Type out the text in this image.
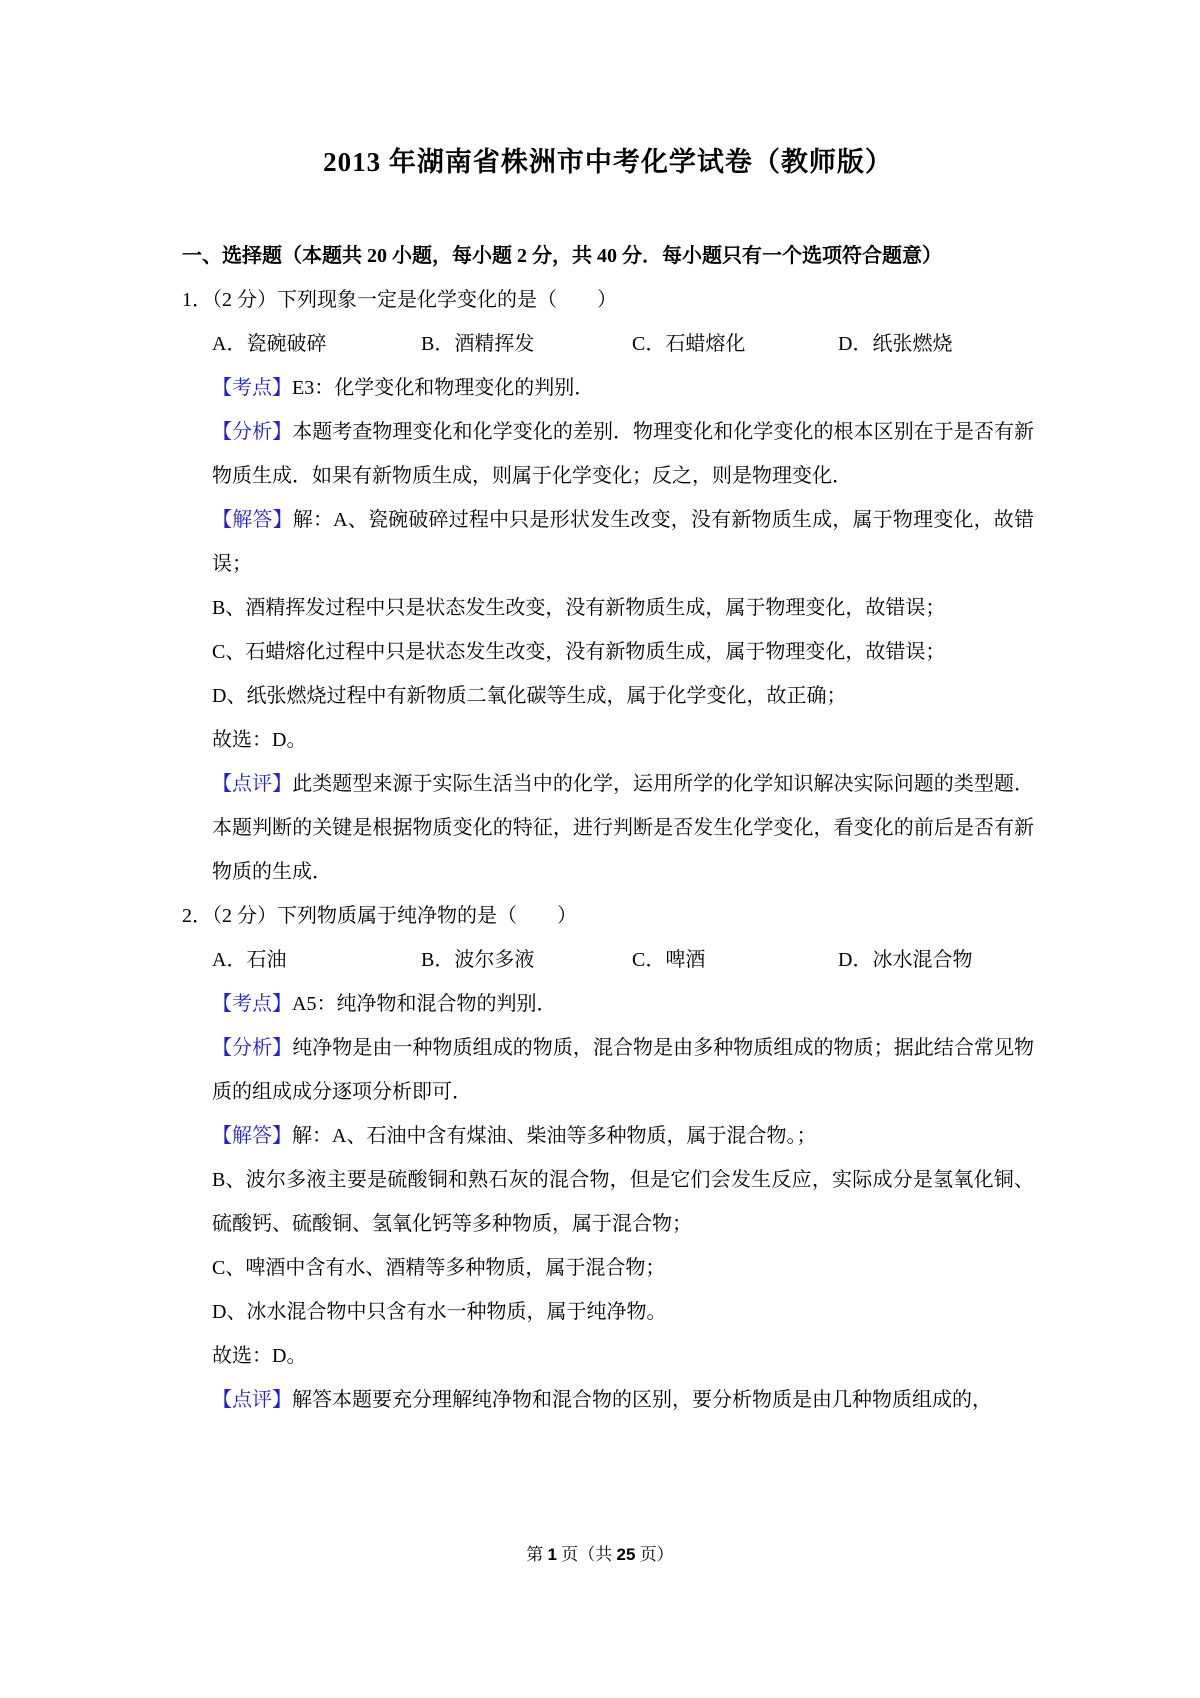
2013 年湖南省株洲市中考化学试卷（教师版）
一、选择题（本题共 20 小题，每小题 2 分，共 40 分．每小题只有一个选项符合题意）

1．（2 分）下列现象一定是化学变化的是（　　）

A．瓷碗破碎	B．酒精挥发	C．石蜡熔化	D．纸张燃烧

【考点】E3：化学变化和物理变化的判别．

【分析】本题考查物理变化和化学变化的差别．物理变化和化学变化的根本区别在于是否有新物质生成．如果有新物质生成，则属于化学变化；反之，则是物理变化．

【解答】解：A、瓷碗破碎过程中只是形状发生改变，没有新物质生成，属于物理变化，故错误；

B、酒精挥发过程中只是状态发生改变，没有新物质生成，属于物理变化，故错误；

C、石蜡熔化过程中只是状态发生改变，没有新物质生成，属于物理变化，故错误；

D、纸张燃烧过程中有新物质二氧化碳等生成，属于化学变化，故正确；

故选：D。

【点评】此类题型来源于实际生活当中的化学，运用所学的化学知识解决实际问题的类型题．本题判断的关键是根据物质变化的特征，进行判断是否发生化学变化，看变化的前后是否有新物质的生成．

2．（2 分）下列物质属于纯净物的是（　　）

A．石油	B．波尔多液	C．啤酒	D．冰水混合物

【考点】A5：纯净物和混合物的判别．

【分析】纯净物是由一种物质组成的物质，混合物是由多种物质组成的物质；据此结合常见物质的组成成分逐项分析即可．

【解答】解：A、石油中含有煤油、柴油等多种物质，属于混合物。；

B、波尔多液主要是硫酸铜和熟石灰的混合物，但是它们会发生反应，实际成分是氢氧化铜、硫酸钙、硫酸铜、氢氧化钙等多种物质，属于混合物；

C、啤酒中含有水、酒精等多种物质，属于混合物；

D、冰水混合物中只含有水一种物质，属于纯净物。

故选：D。

【点评】解答本题要充分理解纯净物和混合物的区别，要分析物质是由几种物质组成的，

第 1 页（共 25 页）
